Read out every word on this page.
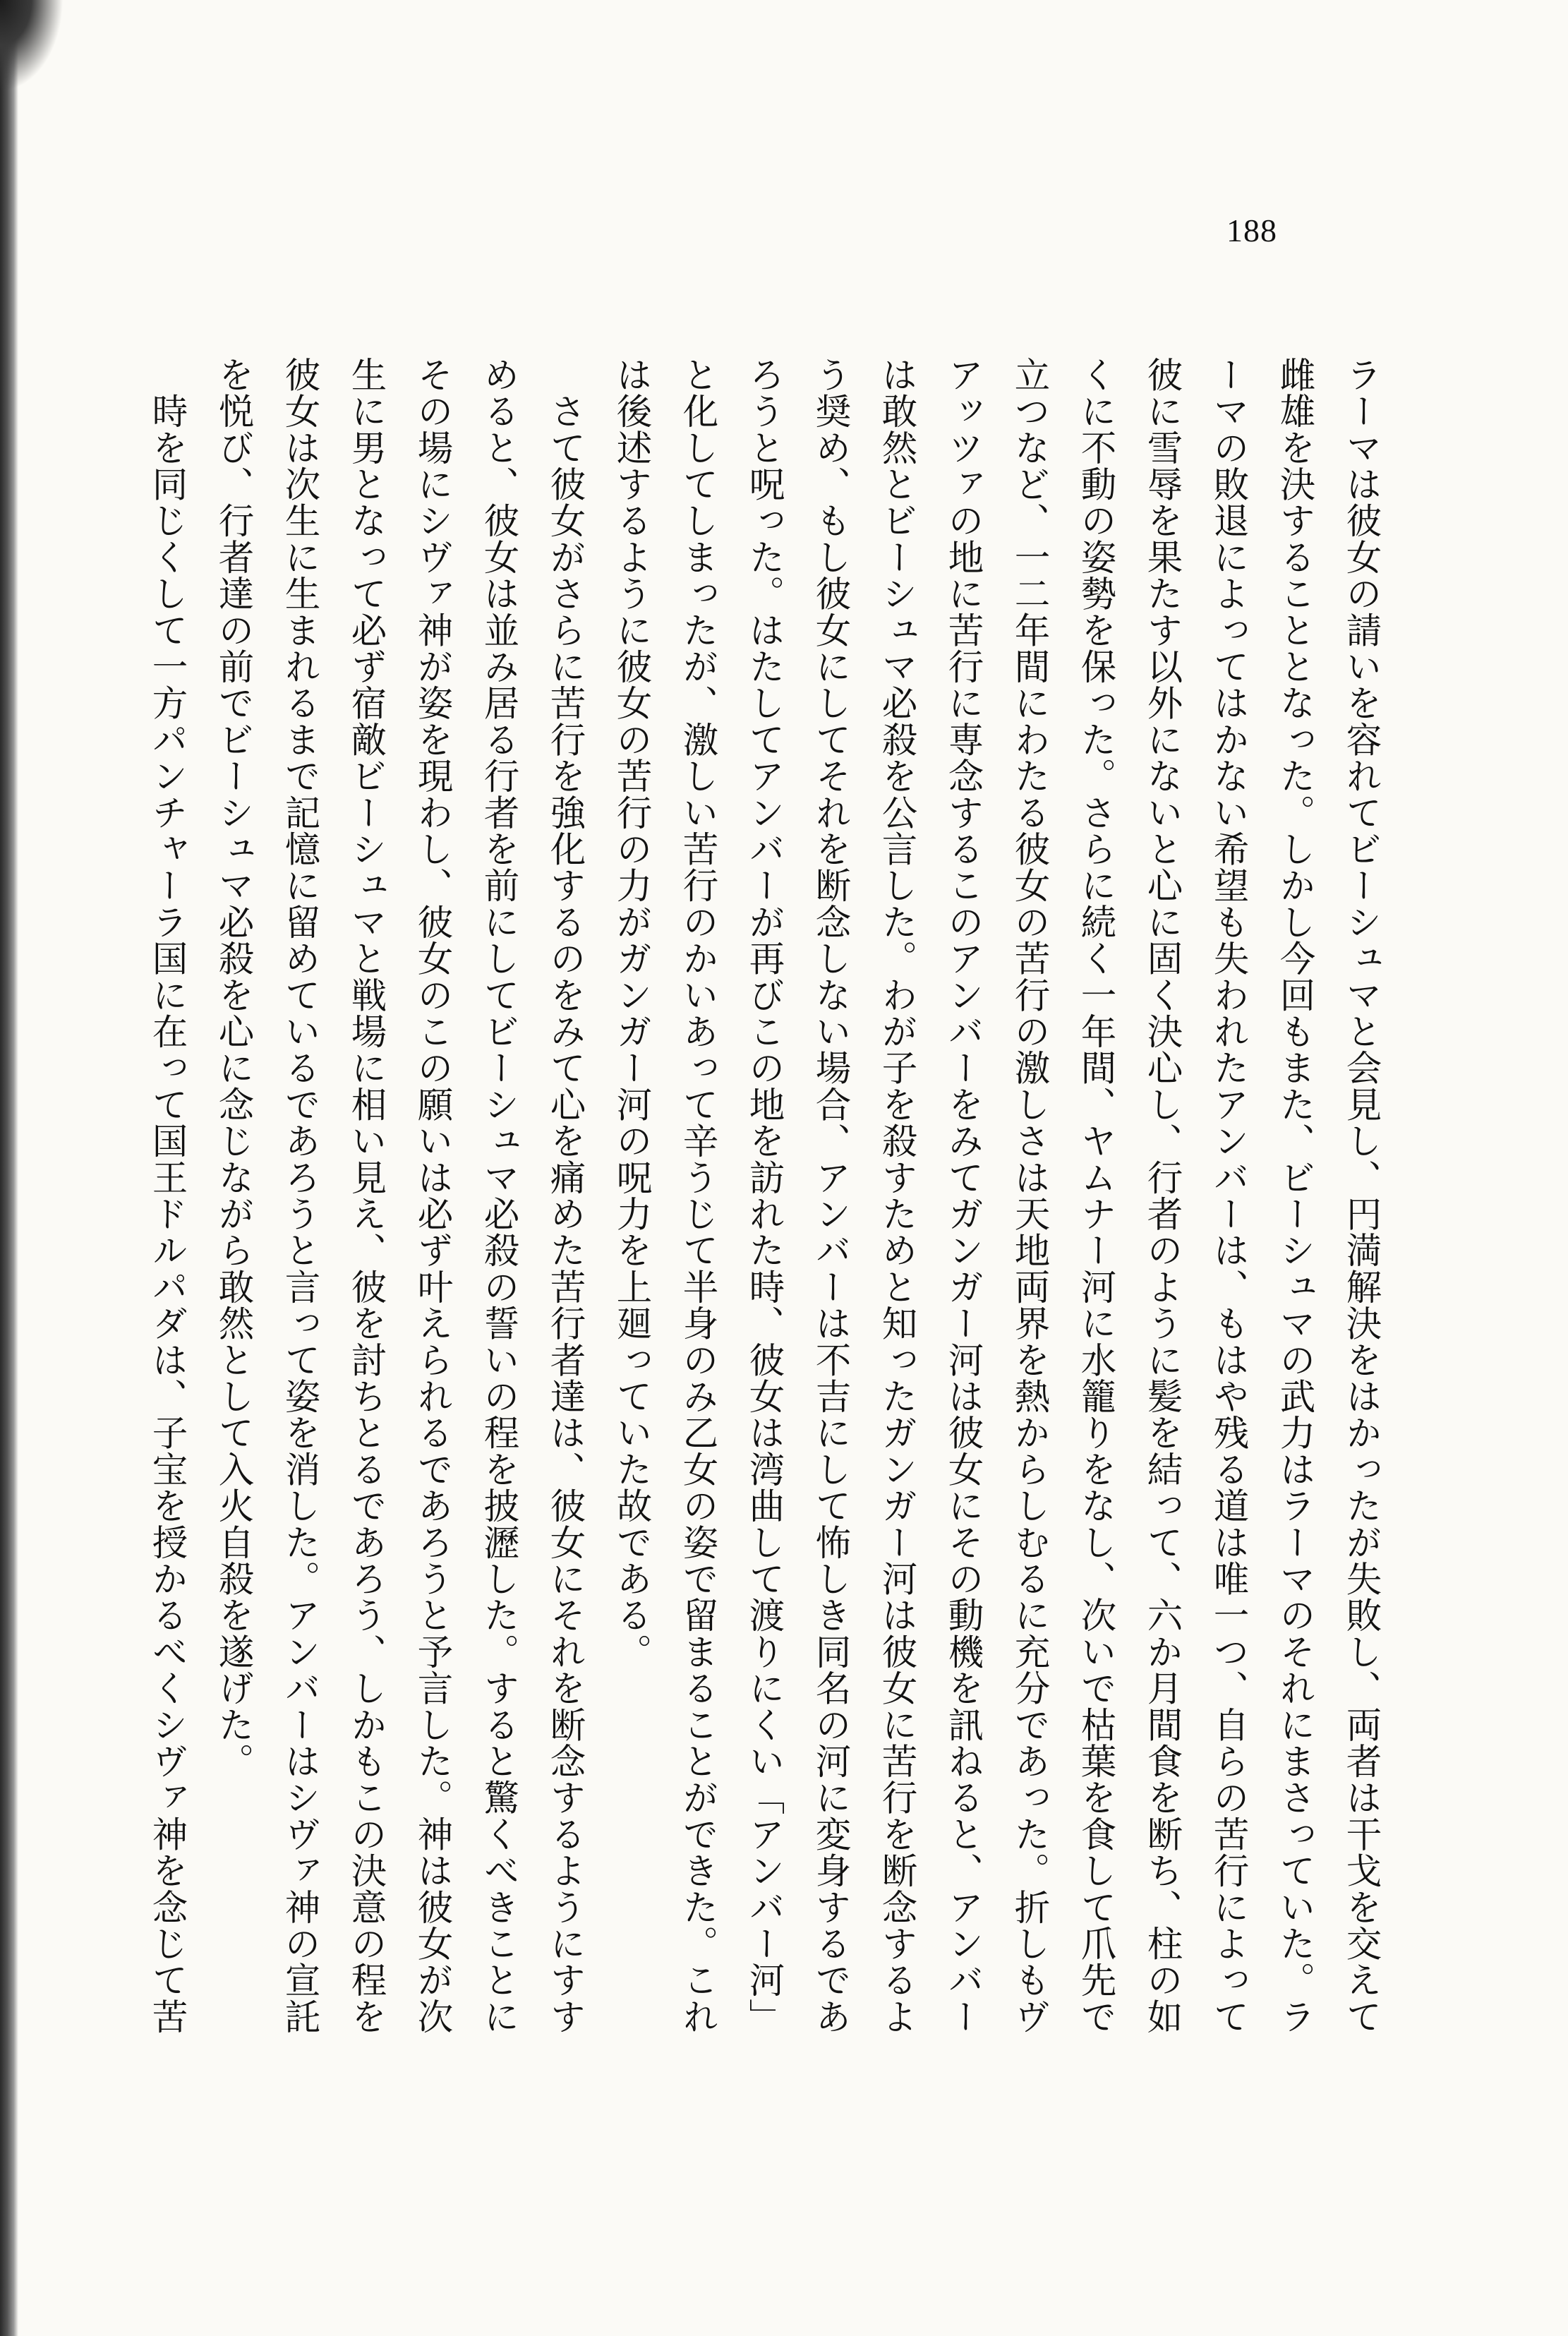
188

ラーマは彼女の請いを容れてビーシュマと会見し、円満解決をはかったが失敗し、両者は干戈を交えて

雌雄を決することとなった。しかし今回もまた、ビーシュマの武力はラーマのそれにまさっていた。ラ

ーマの敗退によってはかない希望も失われたアンバーは、もはや残る道は唯一つ、自らの苦行によって

彼に雪辱を果たす以外にないと心に固く決心し、行者のように髪を結って、六か月間食を断ち、柱の如

くに不動の姿勢を保った。さらに続く一年間、ヤムナー河に水籠りをなし、次いで枯葉を食して爪先で

立つなど、一二年間にわたる彼女の苦行の激しさは天地両界を熱からしむるに充分であった。折しもヴ

アッツァの地に苦行に専念するこのアンバーをみてガンガー河は彼女にその動機を訊ねると、アンバー

は敢然とビーシュマ必殺を公言した。わが子を殺すためと知ったガンガー河は彼女に苦行を断念するよ

う奨め、もし彼女にしてそれを断念しない場合、アンバーは不吉にして怖しき同名の河に変身するであ

ろうと呪った。はたしてアンバーが再びこの地を訪れた時、彼女は湾曲して渡りにくい「アンバー河」

と化してしまったが、激しい苦行のかいあって辛うじて半身のみ乙女の姿で留まることができた。これ

は後述するように彼女の苦行の力がガンガー河の呪力を上廻っていた故である。

　さて彼女がさらに苦行を強化するのをみて心を痛めた苦行者達は、彼女にそれを断念するようにすす

めると、彼女は並み居る行者を前にしてビーシュマ必殺の誓いの程を披瀝した。すると驚くべきことに

その場にシヴァ神が姿を現わし、彼女のこの願いは必ず叶えられるであろうと予言した。神は彼女が次

生に男となって必ず宿敵ビーシュマと戦場に相い見え、彼を討ちとるであろう、しかもこの決意の程を

彼女は次生に生まれるまで記憶に留めているであろうと言って姿を消した。アンバーはシヴァ神の宣託

を悦び、行者達の前でビーシュマ必殺を心に念じながら敢然として入火自殺を遂げた。

　時を同じくして一方パンチャーラ国に在って国王ドルパダは、子宝を授かるべくシヴァ神を念じて苦
